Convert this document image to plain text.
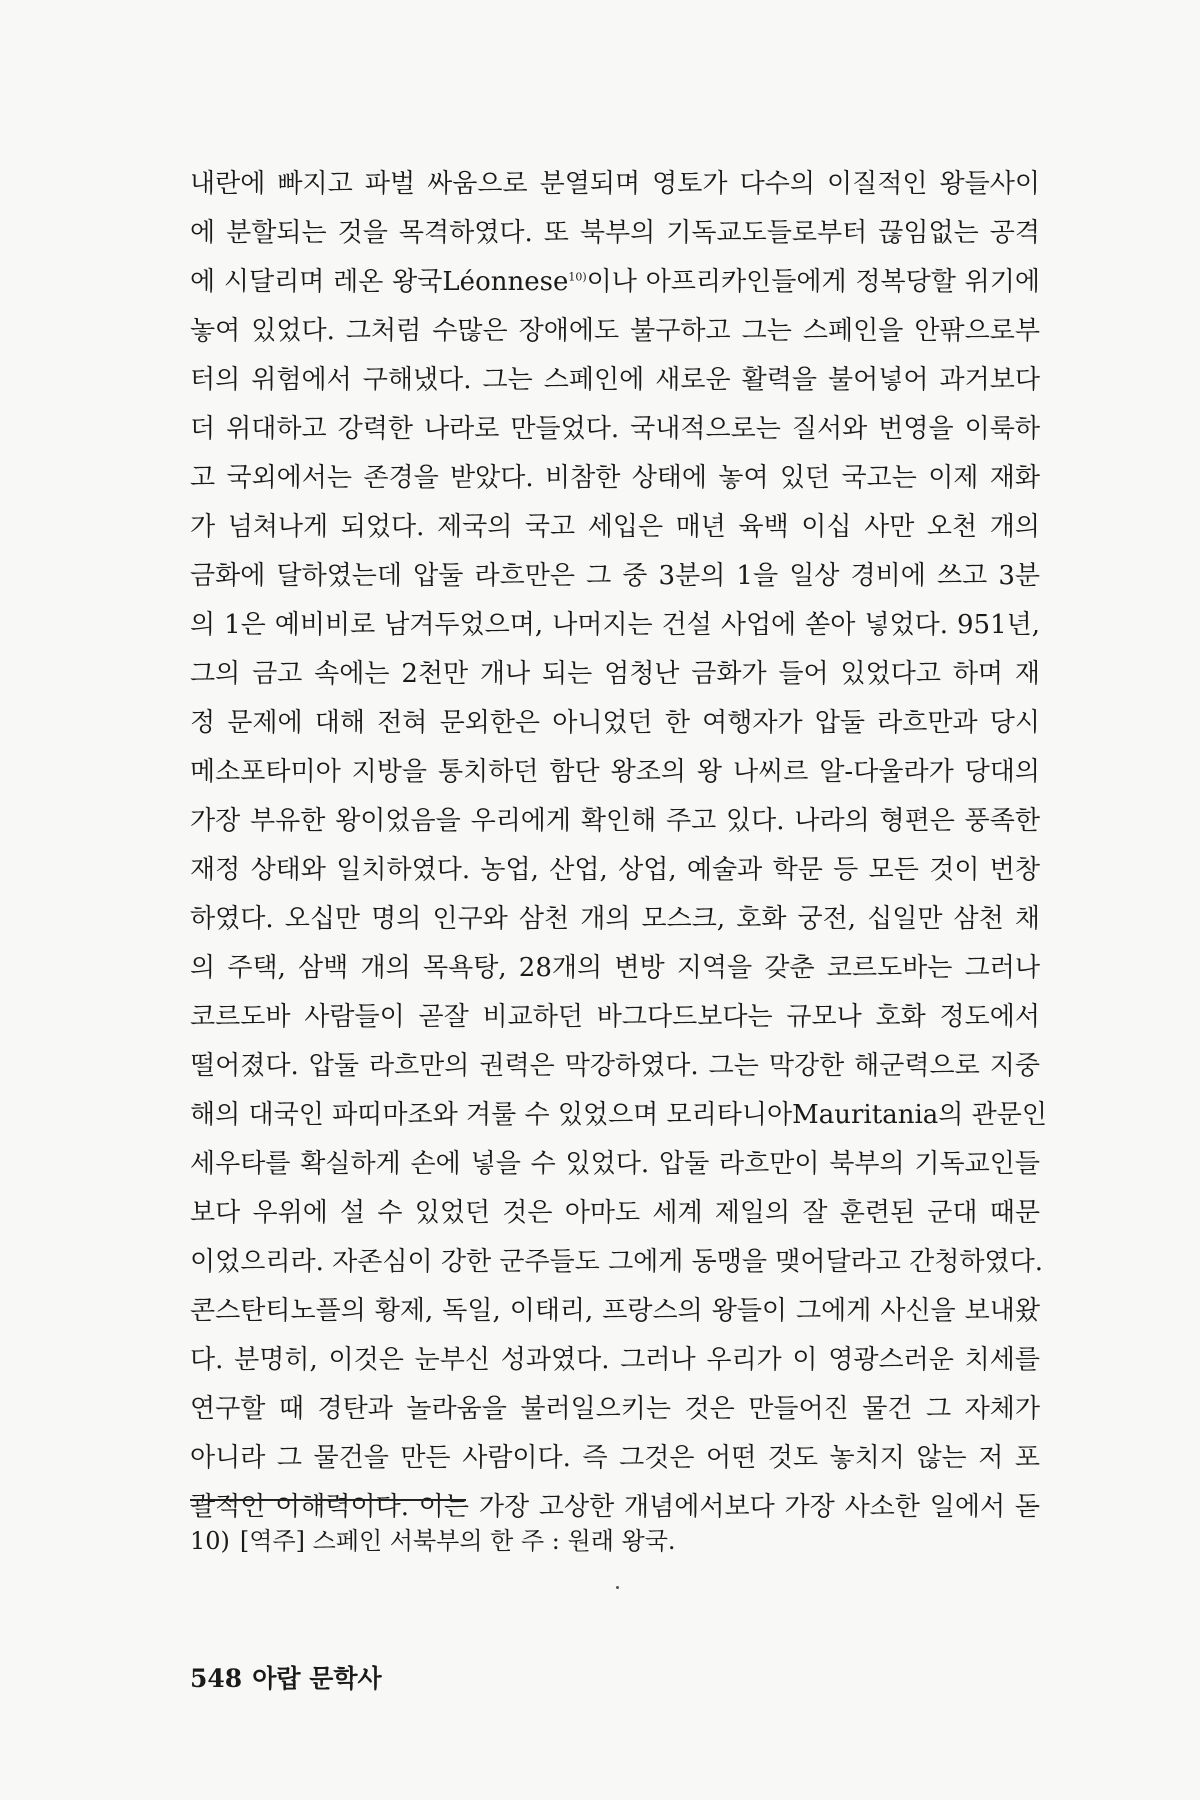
내란에 빠지고 파벌 싸움으로 분열되며 영토가 다수의 이질적인 왕들사이
에 분할되는 것을 목격하였다. 또 북부의 기독교도들로부터 끊임없는 공격
에 시달리며 레온 왕국Léonnese$^{10)}$이나 아프리카인들에게 정복당할 위기에
놓여 있었다. 그처럼 수많은 장애에도 불구하고 그는 스페인을 안팎으로부
터의 위험에서 구해냈다. 그는 스페인에 새로운 활력을 불어넣어 과거보다
더 위대하고 강력한 나라로 만들었다. 국내적으로는 질서와 번영을 이룩하
고 국외에서는 존경을 받았다. 비참한 상태에 놓여 있던 국고는 이제 재화
가 넘쳐나게 되었다. 제국의 국고 세입은 매년 육백 이십 사만 오천 개의
금화에 달하였는데 압둘 라흐만은 그 중 3분의 1을 일상 경비에 쓰고 3분
의 1은 예비비로 남겨두었으며, 나머지는 건설 사업에 쏟아 넣었다. 951년,
그의 금고 속에는 2천만 개나 되는 엄청난 금화가 들어 있었다고 하며 재
정 문제에 대해 전혀 문외한은 아니었던 한 여행자가 압둘 라흐만과 당시
메소포타미아 지방을 통치하던 함단 왕조의 왕 나씨르 알-다울라가 당대의
가장 부유한 왕이었음을 우리에게 확인해 주고 있다. 나라의 형편은 풍족한
재정 상태와 일치하였다. 농업, 산업, 상업, 예술과 학문 등 모든 것이 번창
하였다. 오십만 명의 인구와 삼천 개의 모스크, 호화 궁전, 십일만 삼천 채
의 주택, 삼백 개의 목욕탕, 28개의 변방 지역을 갖춘 코르도바는 그러나
코르도바 사람들이 곧잘 비교하던 바그다드보다는 규모나 호화 정도에서
떨어졌다. 압둘 라흐만의 권력은 막강하였다. 그는 막강한 해군력으로 지중
해의 대국인 파띠마조와 겨룰 수 있었으며 모리타니아Mauritania의 관문인
세우타를 확실하게 손에 넣을 수 있었다. 압둘 라흐만이 북부의 기독교인들
보다 우위에 설 수 있었던 것은 아마도 세계 제일의 잘 훈련된 군대 때문
이었으리라. 자존심이 강한 군주들도 그에게 동맹을 맺어달라고 간청하였다.
콘스탄티노플의 황제, 독일, 이태리, 프랑스의 왕들이 그에게 사신을 보내왔
다. 분명히, 이것은 눈부신 성과였다. 그러나 우리가 이 영광스러운 치세를
연구할 때 경탄과 놀라움을 불러일으키는 것은 만들어진 물건 그 자체가
아니라 그 물건을 만든 사람이다. 즉 그것은 어떤 것도 놓치지 않는 저 포
괄적인 이해력이다. 이는 가장 고상한 개념에서보다 가장 사소한 일에서 돋
10) [역주] 스페인 서북부의 한 주 : 원래 왕국.
548 아랍 문학사
